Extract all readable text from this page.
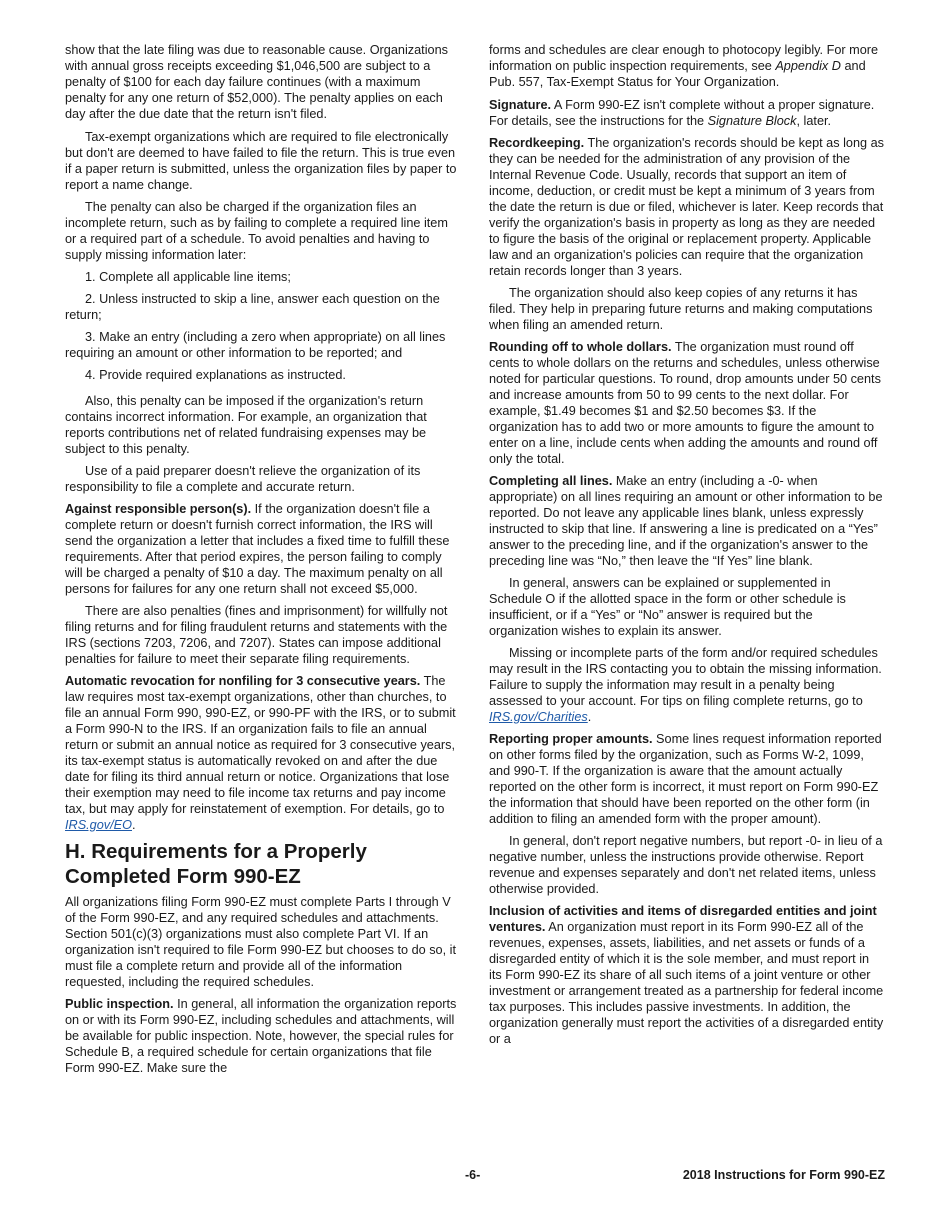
show that the late filing was due to reasonable cause. Organizations with annual gross receipts exceeding $1,046,500 are subject to a penalty of $100 for each day failure continues (with a maximum penalty for any one return of $52,000). The penalty applies on each day after the due date that the return isn't filed.

Tax-exempt organizations which are required to file electronically but don't are deemed to have failed to file the return. This is true even if a paper return is submitted, unless the organization files by paper to report a name change.

The penalty can also be charged if the organization files an incomplete return, such as by failing to complete a required line item or a required part of a schedule. To avoid penalties and having to supply missing information later:

1. Complete all applicable line items;

2. Unless instructed to skip a line, answer each question on the return;

3. Make an entry (including a zero when appropriate) on all lines requiring an amount or other information to be reported; and

4. Provide required explanations as instructed.

Also, this penalty can be imposed if the organization's return contains incorrect information. For example, an organization that reports contributions net of related fundraising expenses may be subject to this penalty.

Use of a paid preparer doesn't relieve the organization of its responsibility to file a complete and accurate return.

Against responsible person(s). If the organization doesn't file a complete return or doesn't furnish correct information, the IRS will send the organization a letter that includes a fixed time to fulfill these requirements. After that period expires, the person failing to comply will be charged a penalty of $10 a day. The maximum penalty on all persons for failures for any one return shall not exceed $5,000.

There are also penalties (fines and imprisonment) for willfully not filing returns and for filing fraudulent returns and statements with the IRS (sections 7203, 7206, and 7207). States can impose additional penalties for failure to meet their separate filing requirements.

Automatic revocation for nonfiling for 3 consecutive years. The law requires most tax-exempt organizations, other than churches, to file an annual Form 990, 990-EZ, or 990-PF with the IRS, or to submit a Form 990-N to the IRS. If an organization fails to file an annual return or submit an annual notice as required for 3 consecutive years, its tax-exempt status is automatically revoked on and after the due date for filing its third annual return or notice. Organizations that lose their exemption may need to file income tax returns and pay income tax, but may apply for reinstatement of exemption. For details, go to IRS.gov/EO.

H. Requirements for a Properly Completed Form 990-EZ

All organizations filing Form 990-EZ must complete Parts I through V of the Form 990-EZ, and any required schedules and attachments. Section 501(c)(3) organizations must also complete Part VI. If an organization isn't required to file Form 990-EZ but chooses to do so, it must file a complete return and provide all of the information requested, including the required schedules.

Public inspection. In general, all information the organization reports on or with its Form 990-EZ, including schedules and attachments, will be available for public inspection. Note, however, the special rules for Schedule B, a required schedule for certain organizations that file Form 990-EZ. Make sure the

forms and schedules are clear enough to photocopy legibly. For more information on public inspection requirements, see Appendix D and Pub. 557, Tax-Exempt Status for Your Organization.

Signature. A Form 990-EZ isn't complete without a proper signature. For details, see the instructions for the Signature Block, later.

Recordkeeping. The organization's records should be kept as long as they can be needed for the administration of any provision of the Internal Revenue Code. Usually, records that support an item of income, deduction, or credit must be kept a minimum of 3 years from the date the return is due or filed, whichever is later. Keep records that verify the organization's basis in property as long as they are needed to figure the basis of the original or replacement property. Applicable law and an organization's policies can require that the organization retain records longer than 3 years.

The organization should also keep copies of any returns it has filed. They help in preparing future returns and making computations when filing an amended return.

Rounding off to whole dollars. The organization must round off cents to whole dollars on the returns and schedules, unless otherwise noted for particular questions. To round, drop amounts under 50 cents and increase amounts from 50 to 99 cents to the next dollar. For example, $1.49 becomes $1 and $2.50 becomes $3. If the organization has to add two or more amounts to figure the amount to enter on a line, include cents when adding the amounts and round off only the total.

Completing all lines. Make an entry (including a -0- when appropriate) on all lines requiring an amount or other information to be reported. Do not leave any applicable lines blank, unless expressly instructed to skip that line. If answering a line is predicated on a “Yes” answer to the preceding line, and if the organization's answer to the preceding line was “No,” then leave the “If Yes” line blank.

In general, answers can be explained or supplemented in Schedule O if the allotted space in the form or other schedule is insufficient, or if a “Yes” or “No” answer is required but the organization wishes to explain its answer.

Missing or incomplete parts of the form and/or required schedules may result in the IRS contacting you to obtain the missing information. Failure to supply the information may result in a penalty being assessed to your account. For tips on filing complete returns, go to IRS.gov/Charities.

Reporting proper amounts. Some lines request information reported on other forms filed by the organization, such as Forms W-2, 1099, and 990-T. If the organization is aware that the amount actually reported on the other form is incorrect, it must report on Form 990-EZ the information that should have been reported on the other form (in addition to filing an amended form with the proper amount).

In general, don't report negative numbers, but report -0- in lieu of a negative number, unless the instructions provide otherwise. Report revenue and expenses separately and don't net related items, unless otherwise provided.

Inclusion of activities and items of disregarded entities and joint ventures. An organization must report in its Form 990-EZ all of the revenues, expenses, assets, liabilities, and net assets or funds of a disregarded entity of which it is the sole member, and must report in its Form 990-EZ its share of all such items of a joint venture or other investment or arrangement treated as a partnership for federal income tax purposes. This includes passive investments. In addition, the organization generally must report the activities of a disregarded entity or a

-6-	2018 Instructions for Form 990-EZ
